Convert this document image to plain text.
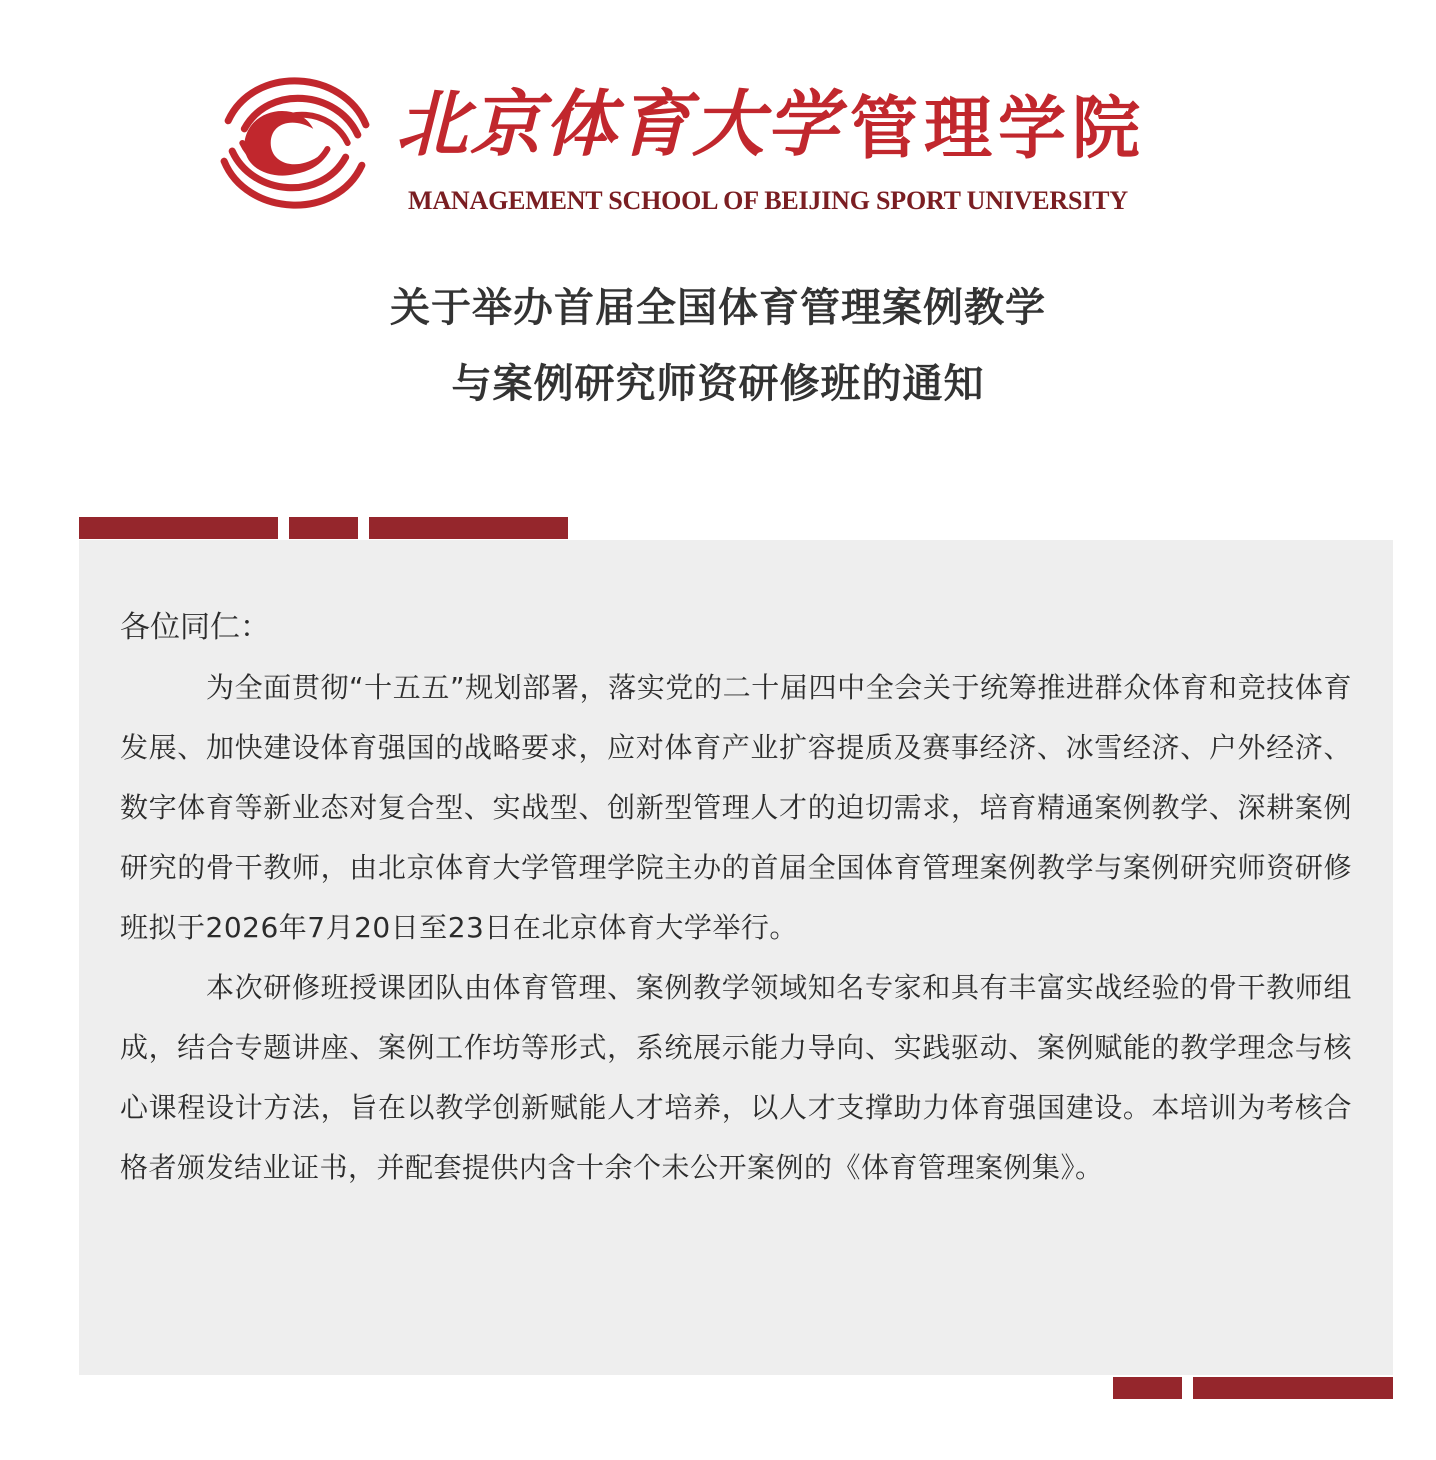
北京体育大学 管理学院
MANAGEMENT SCHOOL OF BEIJING SPORT UNIVERSITY
关于举办首届全国体育管理案例教学
与案例研究师资研修班的通知

各位同仁：

为全面贯彻“十五五”规划部署，落实党的二十届四中全会关于统筹推进群众体育和竞技体育发展、加快建设体育强国的战略要求，应对体育产业扩容提质及赛事经济、冰雪经济、户外经济、数字体育等新业态对复合型、实战型、创新型管理人才的迫切需求，培育精通案例教学、深耕案例研究的骨干教师，由北京体育大学管理学院主办的首届全国体育管理案例教学与案例研究师资研修班拟于2026年7月20日至23日在北京体育大学举行。

本次研修班授课团队由体育管理、案例教学领域知名专家和具有丰富实战经验的骨干教师组成，结合专题讲座、案例工作坊等形式，系统展示能力导向、实践驱动、案例赋能的教学理念与核心课程设计方法，旨在以教学创新赋能人才培养，以人才支撑助力体育强国建设。本培训为考核合格者颁发结业证书，并配套提供内含十余个未公开案例的《体育管理案例集》。
